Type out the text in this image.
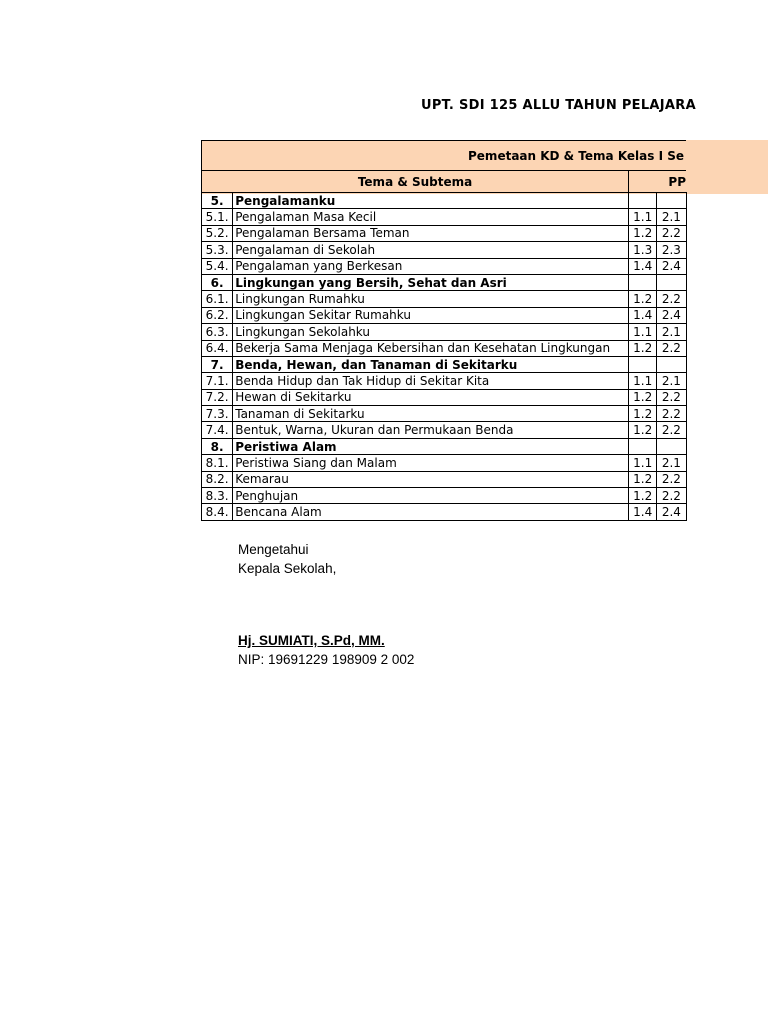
UPT. SDI 125 ALLU TAHUN PELAJARA
Pemetaan KD & Tema Kelas I Se			
Tema & Subtema		PP	
5.	Pengalamanku		
5.1.	Pengalaman Masa Kecil	1.1	2.1
5.2.	Pengalaman Bersama Teman	1.2	2.2
5.3.	Pengalaman di Sekolah	1.3	2.3
5.4.	Pengalaman yang Berkesan	1.4	2.4
6.	Lingkungan yang Bersih, Sehat dan Asri		
6.1.	Lingkungan Rumahku	1.2	2.2
6.2.	Lingkungan Sekitar Rumahku	1.4	2.4
6.3.	Lingkungan Sekolahku	1.1	2.1
6.4.	Bekerja Sama Menjaga Kebersihan dan Kesehatan Lingkungan	1.2	2.2
7.	Benda, Hewan, dan Tanaman di Sekitarku		
7.1.	Benda Hidup dan Tak Hidup di Sekitar Kita	1.1	2.1
7.2.	Hewan di Sekitarku	1.2	2.2
7.3.	Tanaman di Sekitarku	1.2	2.2
7.4.	Bentuk, Warna, Ukuran dan Permukaan Benda	1.2	2.2
8.	Peristiwa Alam		
8.1.	Peristiwa Siang dan Malam	1.1	2.1
8.2.	Kemarau	1.2	2.2
8.3.	Penghujan	1.2	2.2
8.4.	Bencana Alam	1.4	2.4
Mengetahui
Kepala Sekolah,
Hj. SUMIATI, S.Pd, MM.
NIP: 19691229 198909 2 002
